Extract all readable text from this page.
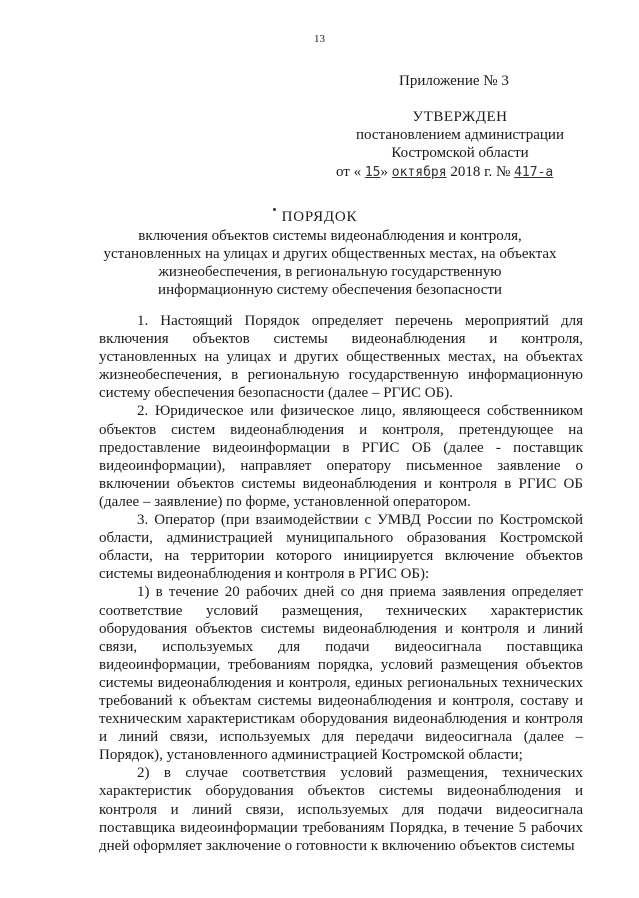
13
Приложение № 3
УТВЕРЖДЕН
постановлением администрации
Костромской области
от « 15» октября 2018 г. № 417-а
ПОРЯДОК
включения объектов системы видеонаблюдения и контроля, установленных на улицах и других общественных местах, на объектах жизнеобеспечения, в региональную государственную информационную систему обеспечения безопасности

1. Настоящий Порядок определяет перечень мероприятий для включения объектов системы видеонаблюдения и контроля, установленных на улицах и других общественных местах, на объектах жизнеобеспечения, в региональную государственную информационную систему обеспечения безопасности (далее – РГИС ОБ).

2. Юридическое или физическое лицо, являющееся собственником объектов систем видеонаблюдения и контроля, претендующее на предоставление видеоинформации в РГИС ОБ (далее - поставщик видеоинформации), направляет оператору письменное заявление о включении объектов системы видеонаблюдения и контроля в РГИС ОБ (далее – заявление) по форме, установленной оператором.

3. Оператор (при взаимодействии с УМВД России по Костромской области, администрацией муниципального образования Костромской области, на территории которого инициируется включение объектов системы видеонаблюдения и контроля в РГИС ОБ):

1) в течение 20 рабочих дней со дня приема заявления определяет соответствие условий размещения, технических характеристик оборудования объектов системы видеонаблюдения и контроля и линий связи, используемых для подачи видеосигнала поставщика видеоинформации, требованиям порядка, условий размещения объектов системы видеонаблюдения и контроля, единых региональных технических требований к объектам системы видеонаблюдения и контроля, составу и техническим характеристикам оборудования видеонаблюдения и контроля и линий связи, используемых для передачи видеосигнала (далее – Порядок), установленного администрацией Костромской области;

2) в случае соответствия условий размещения, технических характеристик оборудования объектов системы видеонаблюдения и контроля и линий связи, используемых для подачи видеосигнала поставщика видеоинформации требованиям Порядка, в течение 5 рабочих дней оформляет заключение о готовности к включению объектов системы
